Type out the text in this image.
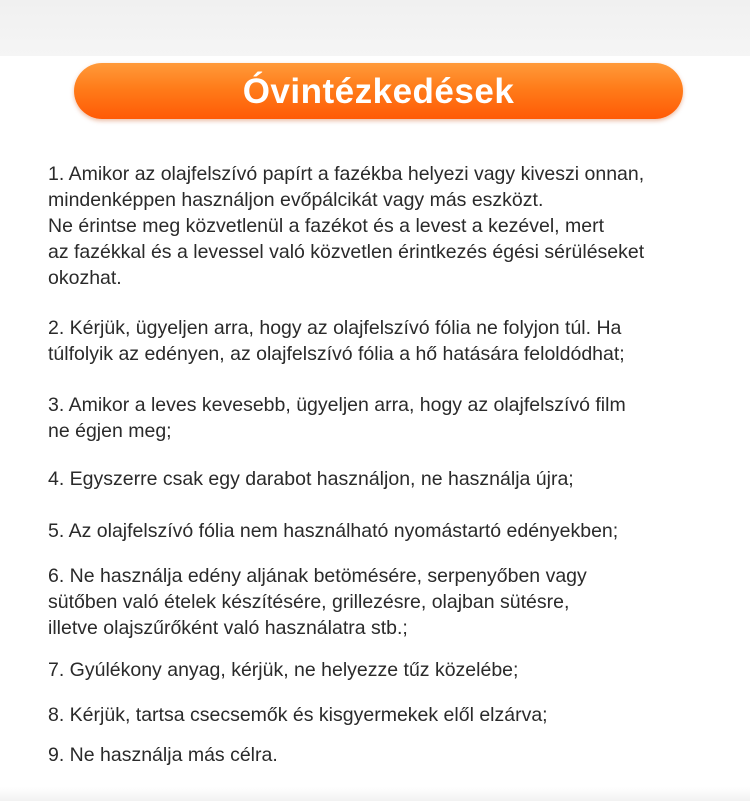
Óvintézkedések
1. Amikor az olajfelszívó papírt a fazékba helyezi vagy kiveszi onnan,
mindenképpen használjon evőpálcikát vagy más eszközt.
Ne érintse meg közvetlenül a fazékot és a levest a kezével, mert
az fazékkal és a levessel való közvetlen érintkezés égési sérüléseket
okozhat.
2. Kérjük, ügyeljen arra, hogy az olajfelszívó fólia ne folyjon túl. Ha
túlfolyik az edényen, az olajfelszívó fólia a hő hatására feloldódhat;
3. Amikor a leves kevesebb, ügyeljen arra, hogy az olajfelszívó film
ne égjen meg;
4. Egyszerre csak egy darabot használjon, ne használja újra;
5. Az olajfelszívó fólia nem használható nyomástartó edényekben;
6. Ne használja edény aljának betömésére, serpenyőben vagy
sütőben való ételek készítésére, grillezésre, olajban sütésre,
illetve olajszűrőként való használatra stb.;
7. Gyúlékony anyag, kérjük, ne helyezze tűz közelébe;
8. Kérjük, tartsa csecsemők és kisgyermekek elől elzárva;
9. Ne használja más célra.
